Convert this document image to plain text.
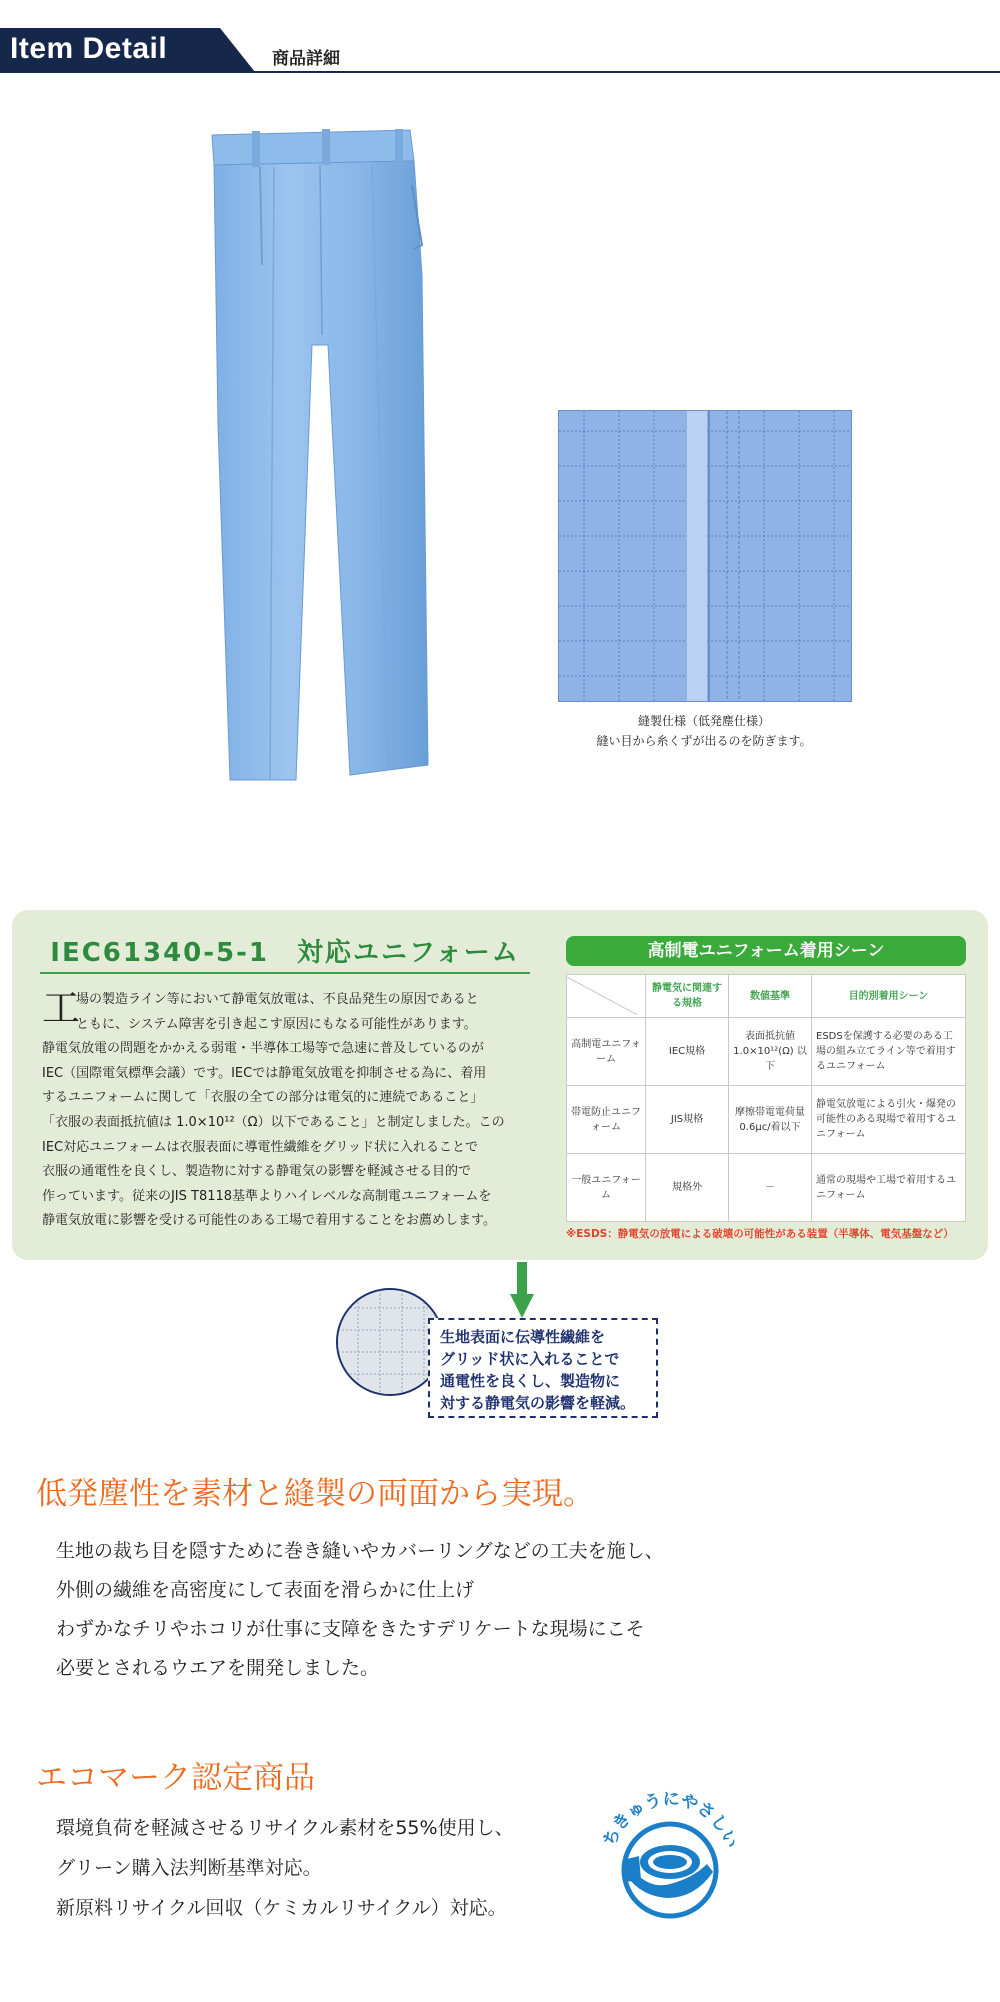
Item Detail	商品詳細
縫製仕様（低発塵仕様）
縫い目から糸くずが出るのを防ぎます。
IEC61340-5-1　対応ユニフォーム
工

場の製造ライン等において静電気放電は、不良品発生の原因であると

ともに、システム障害を引き起こす原因にもなる可能性があります。

静電気放電の問題をかかえる弱電・半導体工場等で急速に普及しているのが

IEC（国際電気標準会議）です。IECでは静電気放電を抑制させる為に、着用

するユニフォームに関して「衣服の全ての部分は電気的に連続であること」

「衣服の表面抵抗値は 1.0×10¹²（Ω）以下であること」と制定しました。この

IEC対応ユニフォームは衣服表面に導電性繊維をグリッド状に入れることで

衣服の通電性を良くし、製造物に対する静電気の影響を軽減させる目的で

作っています。従来のJIS T8118基準よりハイレベルな高制電ユニフォームを

静電気放電に影響を受ける可能性のある工場で着用することをお薦めします。

高制電ユニフォーム着用シーン
	静電気に関連する規格	数値基準	目的別着用シーン
高制電ユニフォーム	IEC規格	表面抵抗値 1.0×10¹²(Ω) 以下	ESDSを保護する必要のある工場の組み立てライン等で着用するユニフォーム
帯電防止ユニフォーム	JIS規格	摩擦帯電電荷量 0.6μc/着以下	静電気放電による引火・爆発の可能性のある現場で着用するユニフォーム
一般ユニフォーム	規格外	－	通常の現場や工場で着用するユニフォーム
※ESDS：静電気の放電による破壊の可能性がある装置（半導体、電気基盤など）

生地表面に伝導性繊維を

グリッド状に入れることで

通電性を良くし、製造物に

対する静電気の影響を軽減。

低発塵性を素材と縫製の両面から実現。
生地の裁ち目を隠すために巻き縫いやカバーリングなどの工夫を施し、
外側の繊維を高密度にして表面を滑らかに仕上げ
わずかなチリやホコリが仕事に支障をきたすデリケートな現場にこそ
必要とされるウエアを開発しました。
エコマーク認定商品
環境負荷を軽減させるリサイクル素材を55%使用し、
グリーン購入法判断基準対応。
新原料リサイクル回収（ケミカルリサイクル）対応。
ちきゅうにやさしい
